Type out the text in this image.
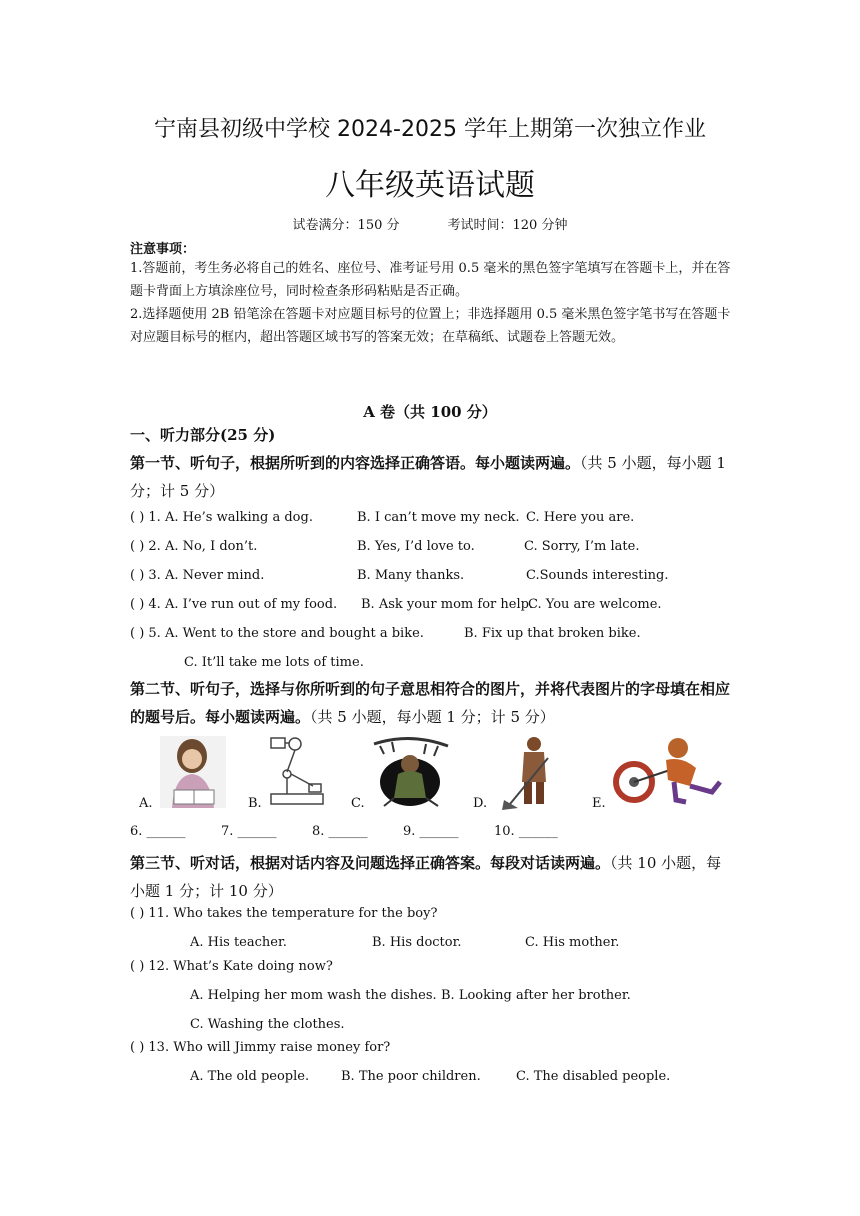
宁南县初级中学校 2024-2025 学年上期第一次独立作业
八年级英语试题
试卷满分：150 分	考试时间：120 分钟
注意事项：
1.答题前，考生务必将自己的姓名、座位号、准考证号用 0.5 毫米的黑色签字笔填写在答题卡上，并在答题卡背面上方填涂座位号，同时检查条形码粘贴是否正确。
2.选择题使用 2B 铅笔涂在答题卡对应题目标号的位置上；非选择题用 0.5 毫米黑色签字笔书写在答题卡对应题目标号的框内，超出答题区域书写的答案无效；在草稿纸、试题卷上答题无效。
A 卷（共 100 分）
一、听力部分(25 分)
第一节、听句子，根据所听到的内容选择正确答语。每小题读两遍。（共 5 小题，每小题 1 分；计 5 分）
( ) 1. A. He’s walking a dog.	B. I can’t move my neck. C. Here you are.
( ) 2. A. No, I don’t.	B. Yes, I’d love to.	C. Sorry, I’m late.
( ) 3. A. Never mind.	B. Many thanks.	C.Sounds interesting.
( ) 4. A. I’ve run out of my food. B. Ask your mom for help.
C. You are welcome.
( ) 5. A. Went to the store and bought a bike.	B. Fix up that broken bike.
C. It’ll take me lots of time.
第二节、听句子，选择与你所听到的句子意思相符合的图片，并将代表图片的字母填在相应的题号后。每小题读两遍。（共 5 小题，每小题 1 分；计 5 分）
A.	B.	C.	D.	E.
6. ______	7. ______	8. ______	9. ______	10. ______
第三节、听对话，根据对话内容及问题选择正确答案。每段对话读两遍。（共 10 小题，每小题 1 分；计 10 分）
( ) 11. Who takes the temperature for the boy?
A. His teacher.	B. His doctor.	C. His mother.
( ) 12. What’s Kate doing now?
A. Helping her mom wash the dishes. B. Looking after her brother.
C. Washing the clothes.
( ) 13. Who will Jimmy raise money for?
A. The old people. B. The poor children.	C. The disabled people.
